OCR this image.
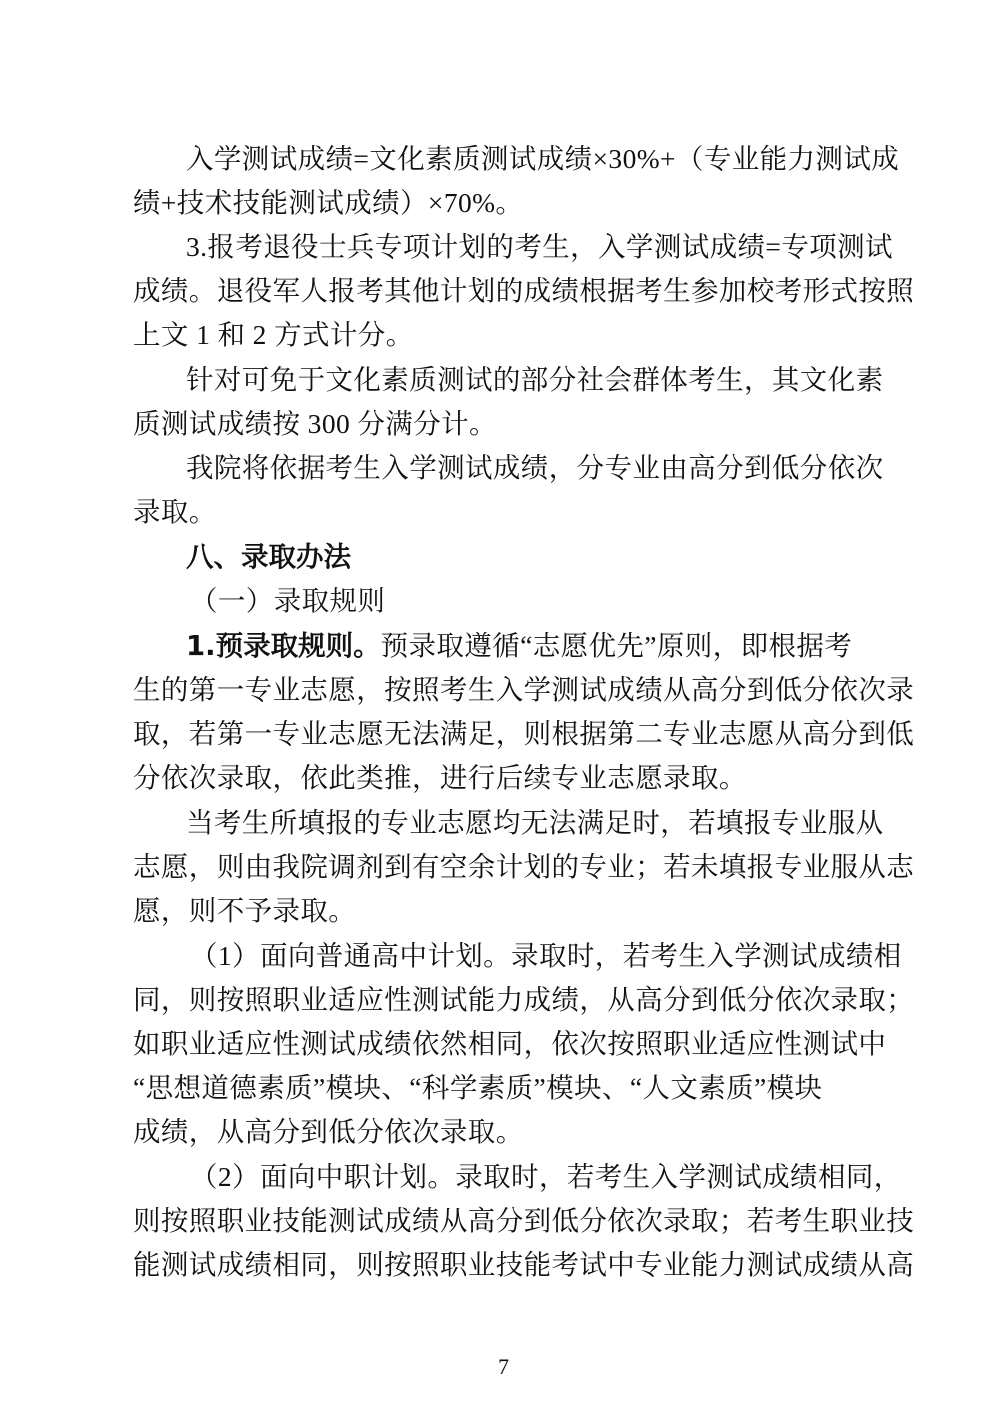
入学测试成绩=文化素质测试成绩×30%+（专业能力测试成
绩+技术技能测试成绩）×70%。
3.报考退役士兵专项计划的考生，入学测试成绩=专项测试
成绩。退役军人报考其他计划的成绩根据考生参加校考形式按照
上文 1 和 2 方式计分。
针对可免于文化素质测试的部分社会群体考生，其文化素
质测试成绩按 300 分满分计。
我院将依据考生入学测试成绩，分专业由高分到低分依次
录取。
八、录取办法
（一）录取规则
1.预录取规则。预录取遵循“志愿优先”原则，即根据考
生的第一专业志愿，按照考生入学测试成绩从高分到低分依次录
取，若第一专业志愿无法满足，则根据第二专业志愿从高分到低
分依次录取，依此类推，进行后续专业志愿录取。
当考生所填报的专业志愿均无法满足时，若填报专业服从
志愿，则由我院调剂到有空余计划的专业；若未填报专业服从志
愿，则不予录取。
（1）面向普通高中计划。录取时，若考生入学测试成绩相
同，则按照职业适应性测试能力成绩，从高分到低分依次录取；
如职业适应性测试成绩依然相同，依次按照职业适应性测试中
“思想道德素质”模块、“科学素质”模块、“人文素质”模块
成绩，从高分到低分依次录取。
（2）面向中职计划。录取时，若考生入学测试成绩相同，
则按照职业技能测试成绩从高分到低分依次录取；若考生职业技
能测试成绩相同，则按照职业技能考试中专业能力测试成绩从高
7
